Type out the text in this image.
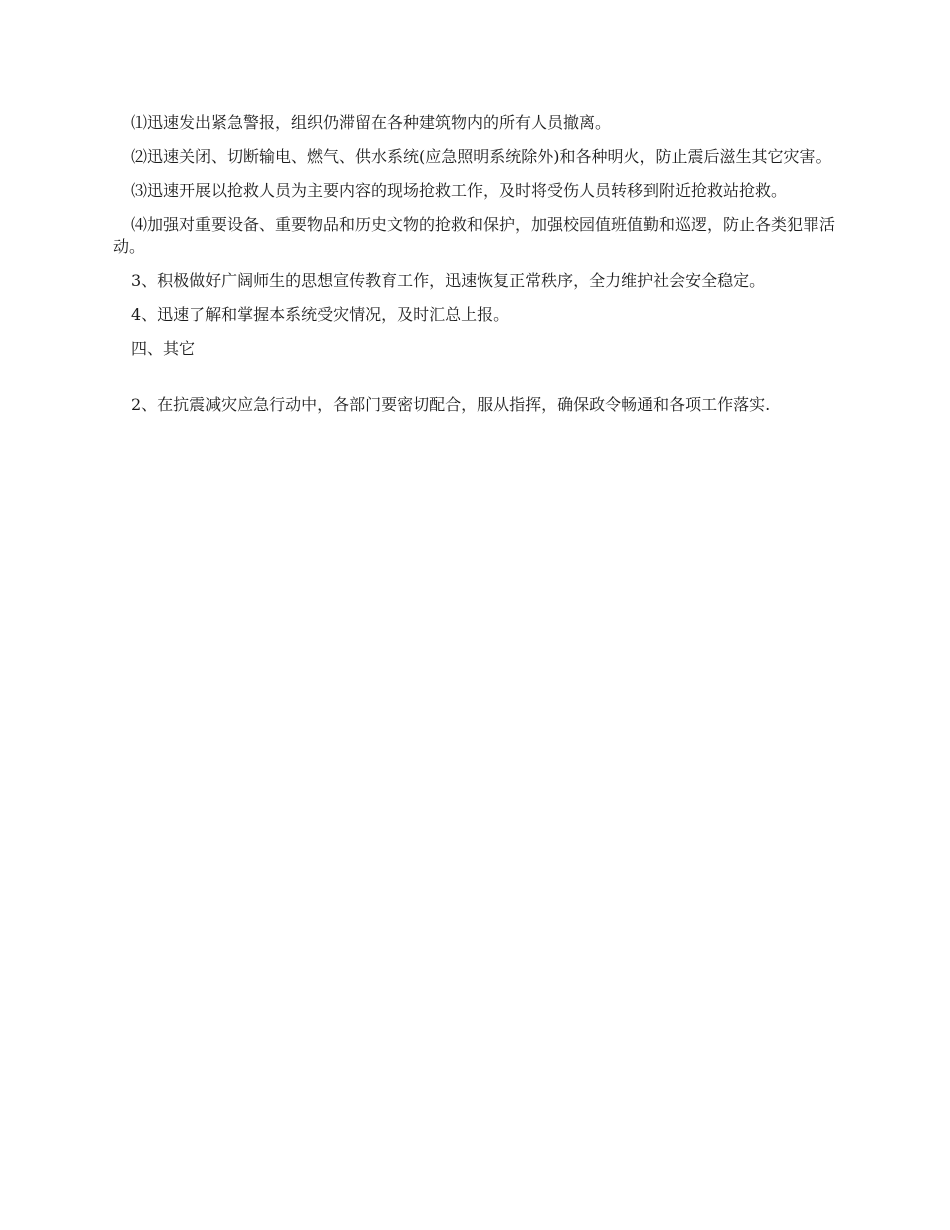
⑴迅速发出紧急警报，组织仍滞留在各种建筑物内的所有人员撤离。

⑵迅速关闭、切断输电、燃气、供水系统(应急照明系统除外)和各种明火，防止震后滋生其它灾害。

⑶迅速开展以抢救人员为主要内容的现场抢救工作，及时将受伤人员转移到附近抢救站抢救。

⑷加强对重要设备、重要物品和历史文物的抢救和保护，加强校园值班值勤和巡逻，防止各类犯罪活动。

3、积极做好广阔师生的思想宣传教育工作，迅速恢复正常秩序，全力维护社会安全稳定。

4、迅速了解和掌握本系统受灾情况，及时汇总上报。

四、其它

2、在抗震减灾应急行动中，各部门要密切配合，服从指挥，确保政令畅通和各项工作落实.
